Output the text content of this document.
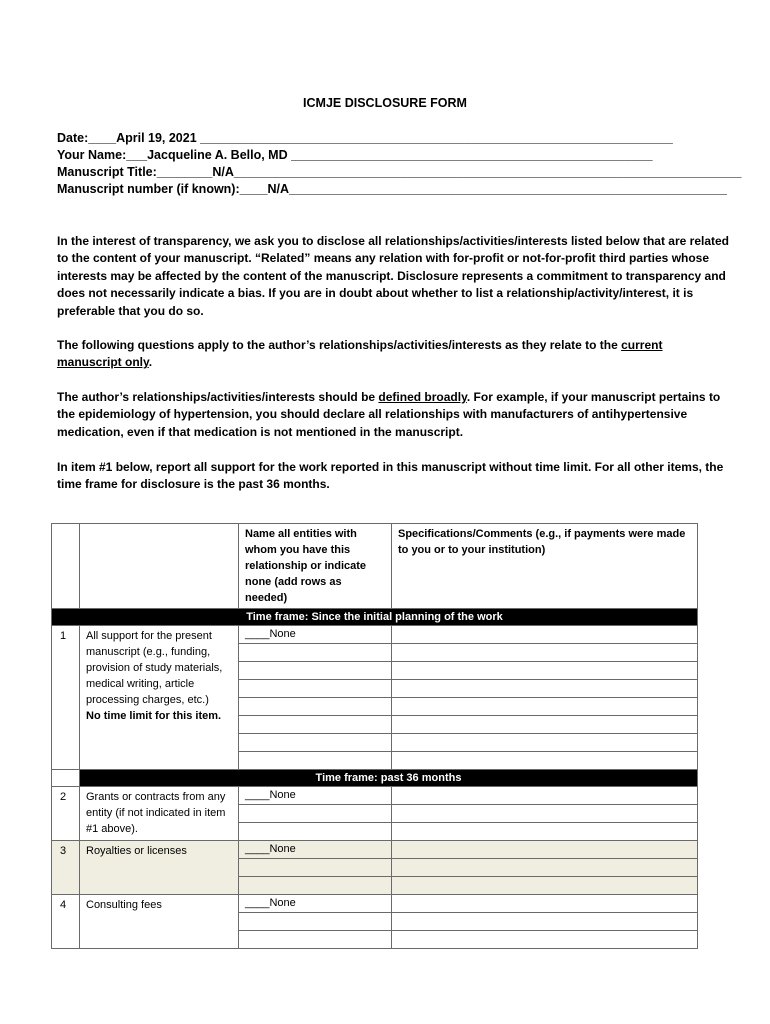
ICMJE DISCLOSURE FORM
Date:____April 19, 2021 ____________________________________________________________________
Your Name:___Jacqueline A. Bello, MD ____________________________________________________
Manuscript Title:________N/A_________________________________________________________________________
Manuscript number (if known):____N/A_______________________________________________________________
In the interest of transparency, we ask you to disclose all relationships/activities/interests listed below that are related to the content of your manuscript. “Related” means any relation with for-profit or not-for-profit third parties whose interests may be affected by the content of the manuscript. Disclosure represents a commitment to transparency and does not necessarily indicate a bias. If you are in doubt about whether to list a relationship/activity/interest, it is preferable that you do so.
The following questions apply to the author’s relationships/activities/interests as they relate to the current manuscript only.
The author’s relationships/activities/interests should be defined broadly. For example, if your manuscript pertains to the epidemiology of hypertension, you should declare all relationships with manufacturers of antihypertensive medication, even if that medication is not mentioned in the manuscript.
In item #1 below, report all support for the work reported in this manuscript without time limit. For all other items, the time frame for disclosure is the past 36 months.
		Name all entities with whom you have this relationship or indicate none (add rows as needed)	Specifications/Comments (e.g., if payments were made to you or to your institution)

Time frame: Since the initial planning of the work			

1	All support for the present manuscript (e.g., funding, provision of study materials, medical writing, article processing charges, etc.)
No time limit for this item.	____None	

	Time frame: past 36 months		

2	Grants or contracts from any entity (if not indicated in item #1 above).	____None	

3	Royalties or licenses	____None	

4	Consulting fees	____None	
